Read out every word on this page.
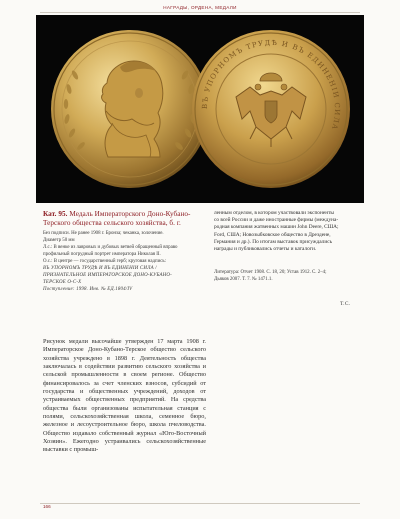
НАГРАДЫ, ОРДЕНА, МЕДАЛИ
ВЪ УПОРНОМЪ ТРУДѢ И ВЪ ЕДИНЕНIИ СИЛА
Кат. 95. Медаль Императорского Донo-Кубано-Терского общества сельского хозяйства, б. г.

Без подписи. Не ранее 1908 г. Бронза; чеканка, золочение.

Диаметр 50 мм

Л.с.: В венке из лавровых и дубовых ветвей обращенный вправо

профильный погрудный портрет императора Николая II.

О.с.: В центре — государственный герб; круговая надпись:

ВЪ УПОРНОМЪ ТРУДѢ И ВЪ ЕДИНЕНIИ СИЛА /

ПРИЗНАТЕЛЬНОЕ ИМПЕРАТОРСКОЕ ДОНО-КУБАНО-

ТЕРСКОЕ О-С-Х

Поступление: 1998. Инв. № ЕД.1804/IV

ленным отделом, в котором участвовали экспоненты

со всей России и даже иностранные фирмы (междуна-

родная компания жатвенных машин John Deere, США;

Ford, США; Новозыбковское общество в Дрездене,

Германия и др.). По итогам выставок присуждались

награды и публиковались отчеты и каталоги.

Литература: Отчет 1908. С. 18, 20; Устав 1912. С. 2–4;

Дьяков 2007. Т. 7. № 1471.1.

Т.С.

Рисунок медали высочайше утвержден 17 марта 1908 г. Императорское Доно-Кубано-Терское общество сельского хозяйства учреждено в 1898 г. Деятельность общества заключалась в содействии развитию сельского хозяйства и сельской промышленности в своем регионе. Общество финансировалось за счет членских взносов, субсидий от государства и общественных учреждений, доходов от устраиваемых общественных предприятий. На средства общества были организованы испытательная станция с полями, сельскохозяйственная школа, семенное бюро, железное и лесоустроительное бюро, школа пчеловодства. Общество издавало собственный журнал «Юго-Восточный Хозяин». Ежегодно устраивались сельскохозяйственные выставки с промыш-

166
